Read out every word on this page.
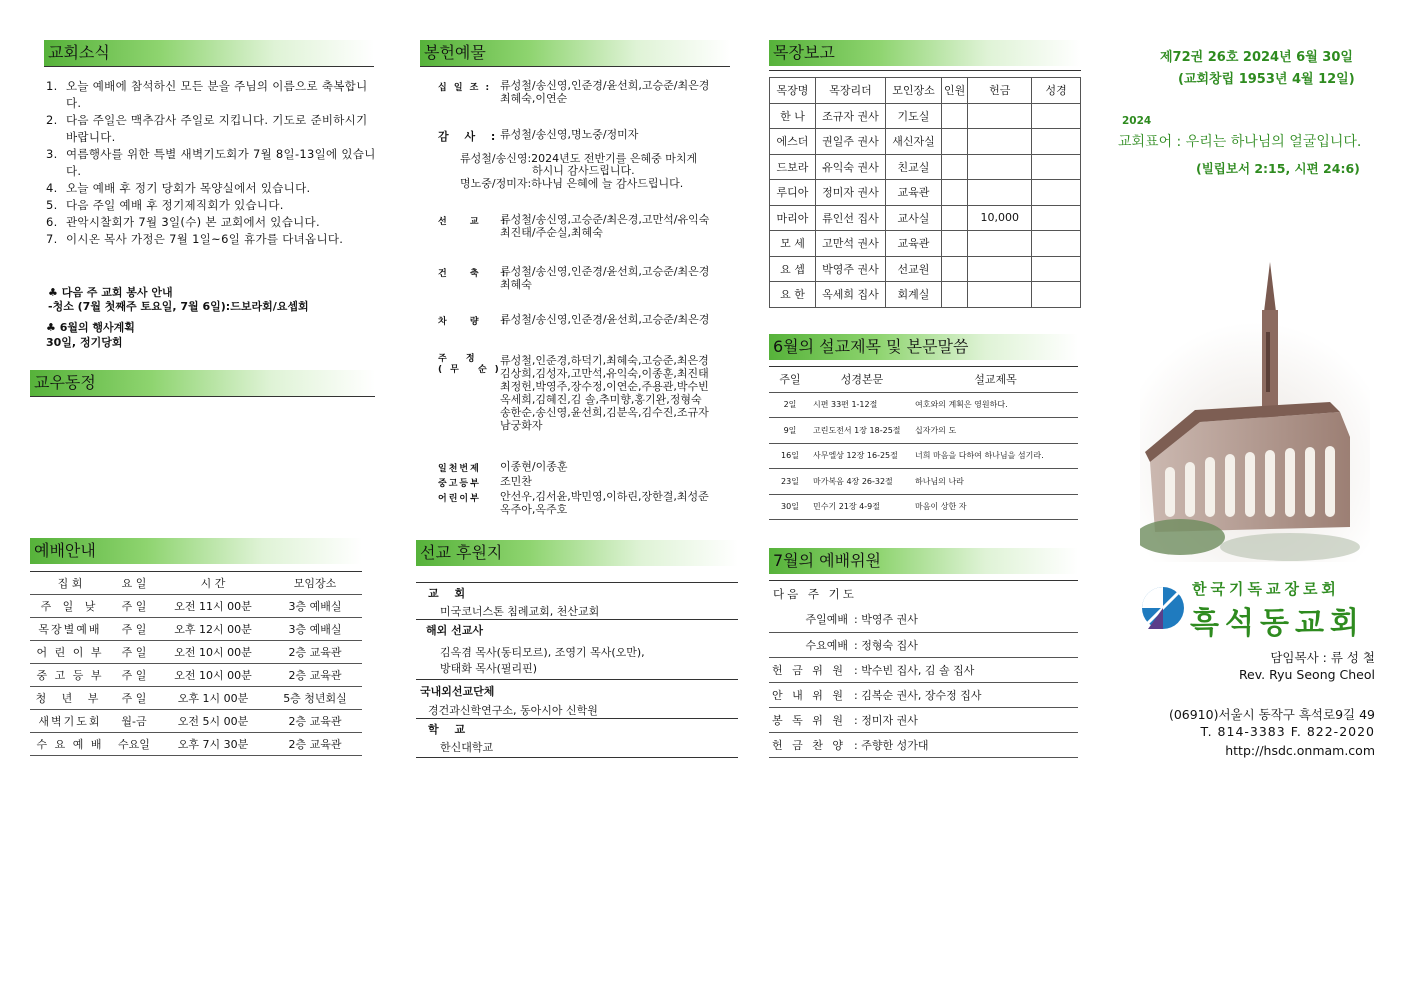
교회소식
1. 오늘 예배에 참석하신 모든 분을 주님의 이름으로 축복합니다.
2. 다음 주일은 맥추감사 주일로 지킵니다. 기도로 준비하시기 바랍니다.
3. 여름행사를 위한 특별 새벽기도회가 7월 8일-13일에 있습니다.
4. 오늘 예배 후 정기 당회가 목양실에서 있습니다.
5. 다음 주일 예배 후 정기제직회가 있습니다.
6. 관악시찰회가 7월 3일(수) 본 교회에서 있습니다.
7. 이시온 목사 가정은 7월 1일~6일 휴가를 다녀옵니다.
♣ 다음 주 교회 봉사 안내
-청소 (7월 첫째주 토요일, 7월 6일):드보라회/요셉회
♣ 6월의 행사계획
30일, 정기당회
교우동정
예배안내
집 회	요 일	시 간	모임장소
주 일 낮	주 일	오전 11시 00분	3층 예배실
목장별예배	주 일	오후 12시 00분	3층 예배실
어 린 이 부	주 일	오전 10시 00분	2층 교육관
중 고 등 부	주 일	오전 10시 00분	2층 교육관
청 년 부	주 일	오후 1시 00분	5층 청년회실
새벽기도회	월-금	오전 5시 00분	2층 교육관
수 요 예 배	수요일	오후 7시 30분	2층 교육관
봉헌예물
십 일 조 : 류성철/송신영,인준경/윤선희,고승준/최은경
최혜숙,이연순
감 사 :
류성철/송신영,명노중/정미자
류성철/송신영:2024년도 전반기를 은혜중 마치게
하시니 감사드립니다.
명노중/정미자:하나님 은혜에 늘 감사드립니다.
선 교 :
류성철/송신영,고승준/최은경,고만석/유익숙
최진태/주순실,최혜숙
건 축 :
류성철/송신영,인준경/윤선희,고승준/최은경
최혜숙
차 량 :
류성철/송신영,인준경/윤선희,고승준/최은경
주 정
(무 순)
류성철,인준경,하덕기,최혜숙,고승준,최은경
김상희,김성자,고만석,유익숙,이종훈,최진태
최정헌,박영주,장수정,이연순,주용관,박수빈
옥세희,김혜진,김 솔,추미향,홍기완,정형숙
송한순,송신영,윤선희,김분옥,김수진,조규자
남궁화자
일천번제 이종현/이종훈
중고등부 조민찬
어린이부 안선우,김서윤,박민영,이하린,장한결,최성준
옥주아,옥주호
선교 후원지
교 회
미국코너스톤 침례교회, 천산교회
해외 선교사
김옥겸 목사(동티모르), 조영기 목사(오만),
방태화 목사(필리핀)
국내외선교단체
경건과신학연구소, 동아시아 신학원
학 교
한신대학교
목장보고
목장명	목장리더	모인장소	인원	헌금	성경
한 나	조규자 권사	기도실			
에스더	권일주 권사	새신자실			
드보라	유익숙 권사	친교실			
루디아	정미자 권사	교육관			
마리아	류인선 집사	교사실		10,000	
모 세	고만석 권사	교육관			
요 셉	박영주 권사	선교원			
요 한	옥세희 집사	회계실			
6월의 설교제목 및 본문말씀
주일	성경본문	설교제목
2일	시편 33편 1-12절	여호와의 계획은 영원하다.
9일	고린도전서 1장 18-25절	십자가의 도
16일	사무엘상 12장 16-25절	너희 마음을 다하여 하나님을 섬기라.
23일	마가복음 4장 26-32절	하나님의 나라
30일	민수기 21장 4-9절	마음이 상한 자
7월의 예배위원
다음 주 기도
주일예배	: 박영주 권사
수요예배	: 정형숙 집사
헌 금 위 원	: 박수빈 집사, 김 솔 집사
안 내 위 원	: 김복순 권사, 장수정 집사
봉 독 위 원	: 정미자 권사
헌 금 찬 양	: 주향한 성가대
제72권 26호 2024년 6월 30일
(교회창립 1953년 4월 12일)
2024
교회표어 : 우리는 하나님의 얼굴입니다.
(빌립보서 2:15, 시편 24:6)
한국기독교장로회
흑석동교회
담임목사 : 류 성 철
Rev. Ryu Seong Cheol
(06910)서울시 동작구 흑석로9길 49
T. 814-3383 F. 822-2020
http://hsdc.onmam.com
